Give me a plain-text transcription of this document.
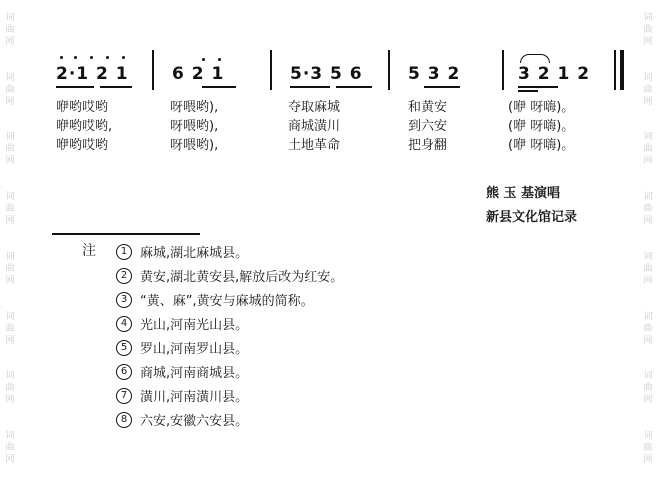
词
曲
网
词
曲
网
词
曲
网
词
曲
网
词
曲
网
词
曲
网
词
曲
网
词
曲
网
词
曲
网
词
曲
网
词
曲
网
词
曲
网
词
曲
网
词
曲
网
词
曲
网
词
曲
网
2·1 2 1	6 2 1	5·3 5 6	5 3 2	3 2 1 2
咿哟哎哟	呀喂哟),	夺取麻城	和黄安	(咿 呀嗨)。
咿哟哎哟,	呀喂哟),	商城潢川	到六安	(咿 呀嗨)。
咿哟哎哟	呀喂哟),	土地革命	把身翻	(咿 呀嗨)。
熊 玉 基演唱
新县文化馆记录
注	1 麻城,湖北麻城县。
2 黄安,湖北黄安县,解放后改为红安。
3 “黄、麻”,黄安与麻城的简称。
4 光山,河南光山县。
5 罗山,河南罗山县。
6 商城,河南商城县。
7 潢川,河南潢川县。
8 六安,安徽六安县。
